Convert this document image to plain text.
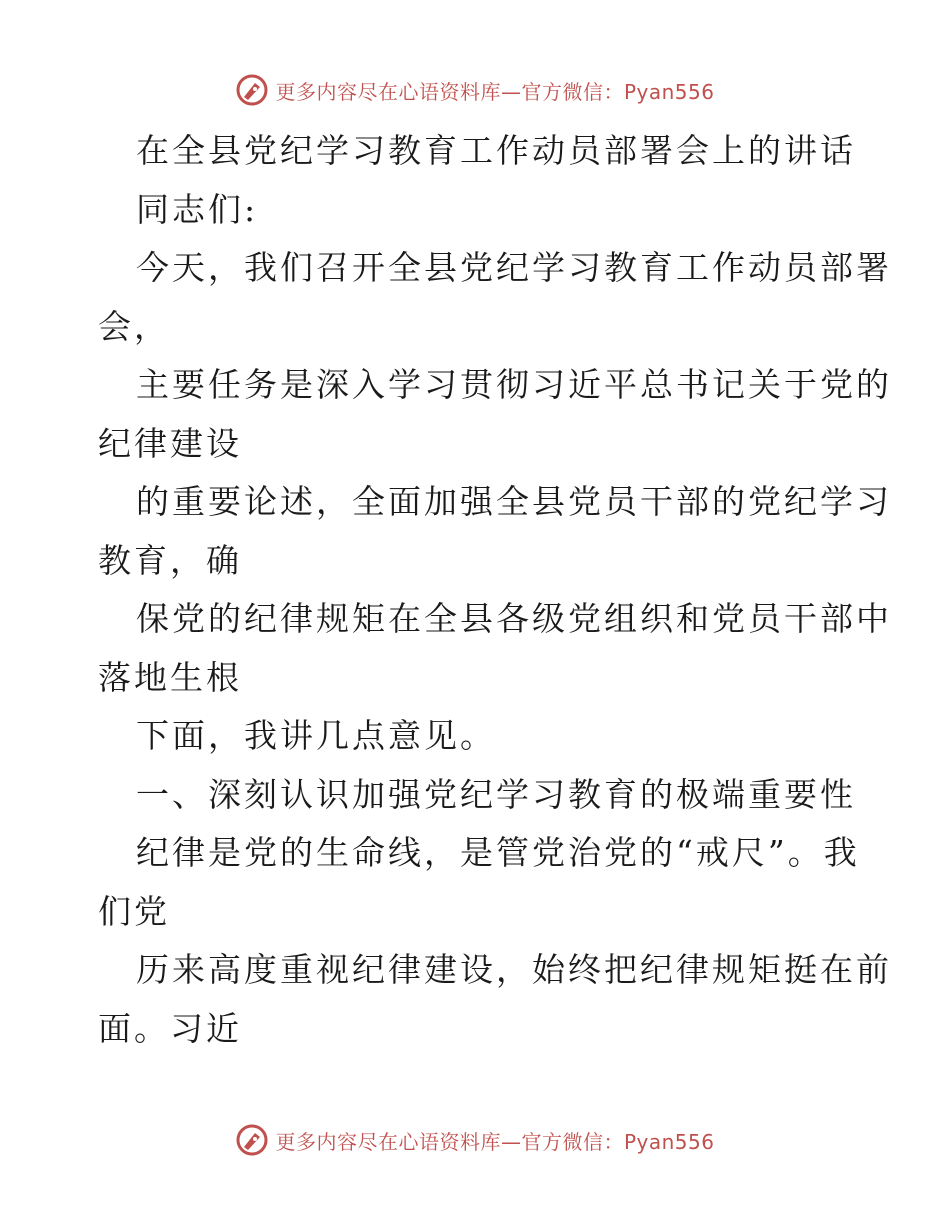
更多内容尽在心语资料库—官方微信：Pyan556
在全县党纪学习教育工作动员部署会上的讲话
同志们:
今天，我们召开全县党纪学习教育工作动员部署
会，
主要任务是深入学习贯彻习近平总书记关于党的
纪律建设
的重要论述，全面加强全县党员干部的党纪学习
教育，确
保党的纪律规矩在全县各级党组织和党员干部中
落地生根
下面，我讲几点意见。
一、深刻认识加强党纪学习教育的极端重要性
纪律是党的生命线，是管党治党的“戒尺”。我
们党
历来高度重视纪律建设，始终把纪律规矩挺在前
面。习近
更多内容尽在心语资料库—官方微信：Pyan556
